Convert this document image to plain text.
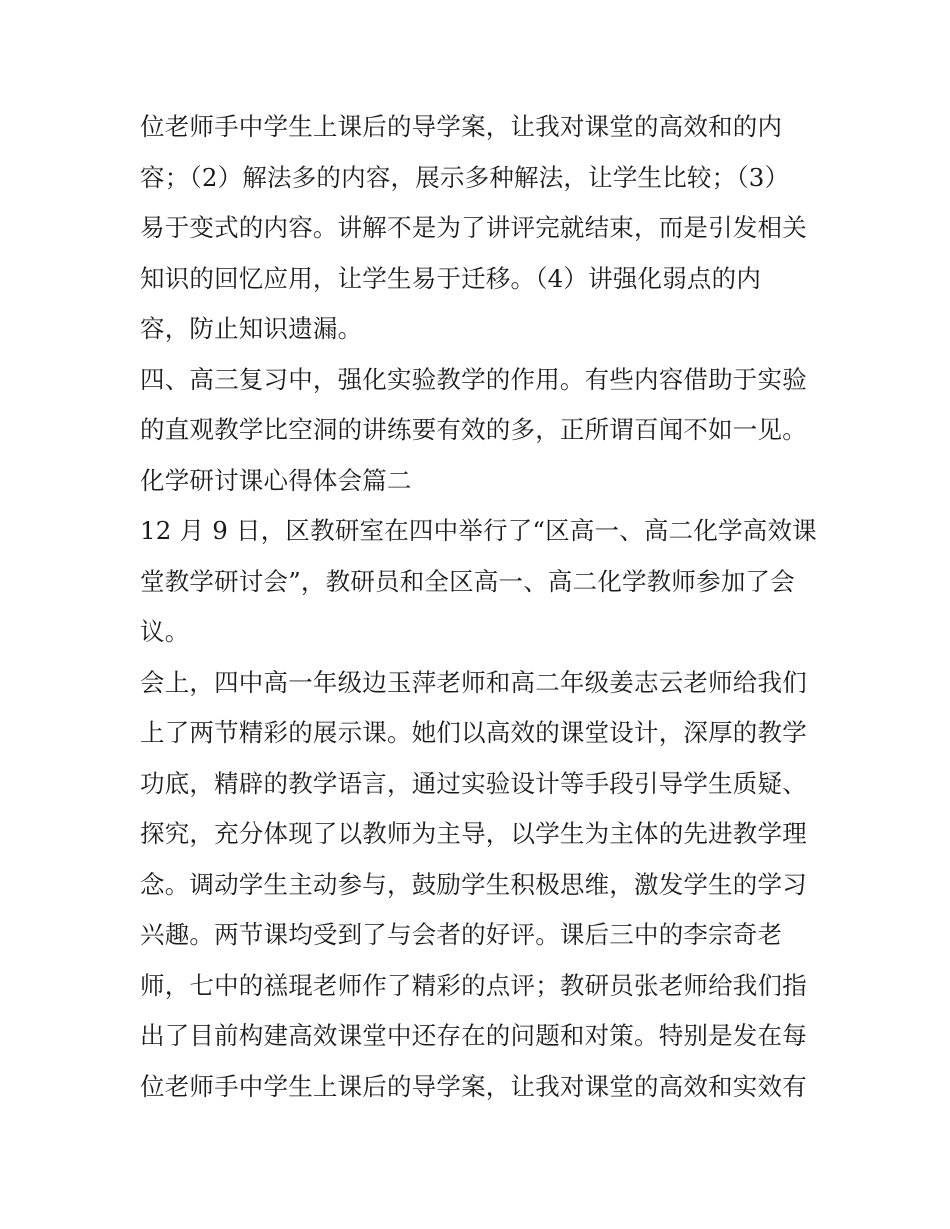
位老师手中学生上课后的导学案，让我对课堂的高效和的内
容；（2）解法多的内容，展示多种解法，让学生比较；（3）
易于变式的内容。讲解不是为了讲评完就结束，而是引发相关
知识的回忆应用，让学生易于迁移。（4）讲强化弱点的内
容，防止知识遗漏。
四、高三复习中，强化实验教学的作用。有些内容借助于实验
的直观教学比空洞的讲练要有效的多，正所谓百闻不如一见。
化学研讨课心得体会篇二
12 月 9 日，区教研室在四中举行了“区高一、高二化学高效课
堂教学研讨会”，教研员和全区高一、高二化学教师参加了会
议。
会上，四中高一年级边玉萍老师和高二年级姜志云老师给我们
上了两节精彩的展示课。她们以高效的课堂设计，深厚的教学
功底，精辟的教学语言，通过实验设计等手段引导学生质疑、
探究，充分体现了以教师为主导，以学生为主体的先进教学理
念。调动学生主动参与，鼓励学生积极思维，激发学生的学习
兴趣。两节课均受到了与会者的好评。课后三中的李宗奇老
师，七中的禚琨老师作了精彩的点评；教研员张老师给我们指
出了目前构建高效课堂中还存在的问题和对策。特别是发在每
位老师手中学生上课后的导学案，让我对课堂的高效和实效有
